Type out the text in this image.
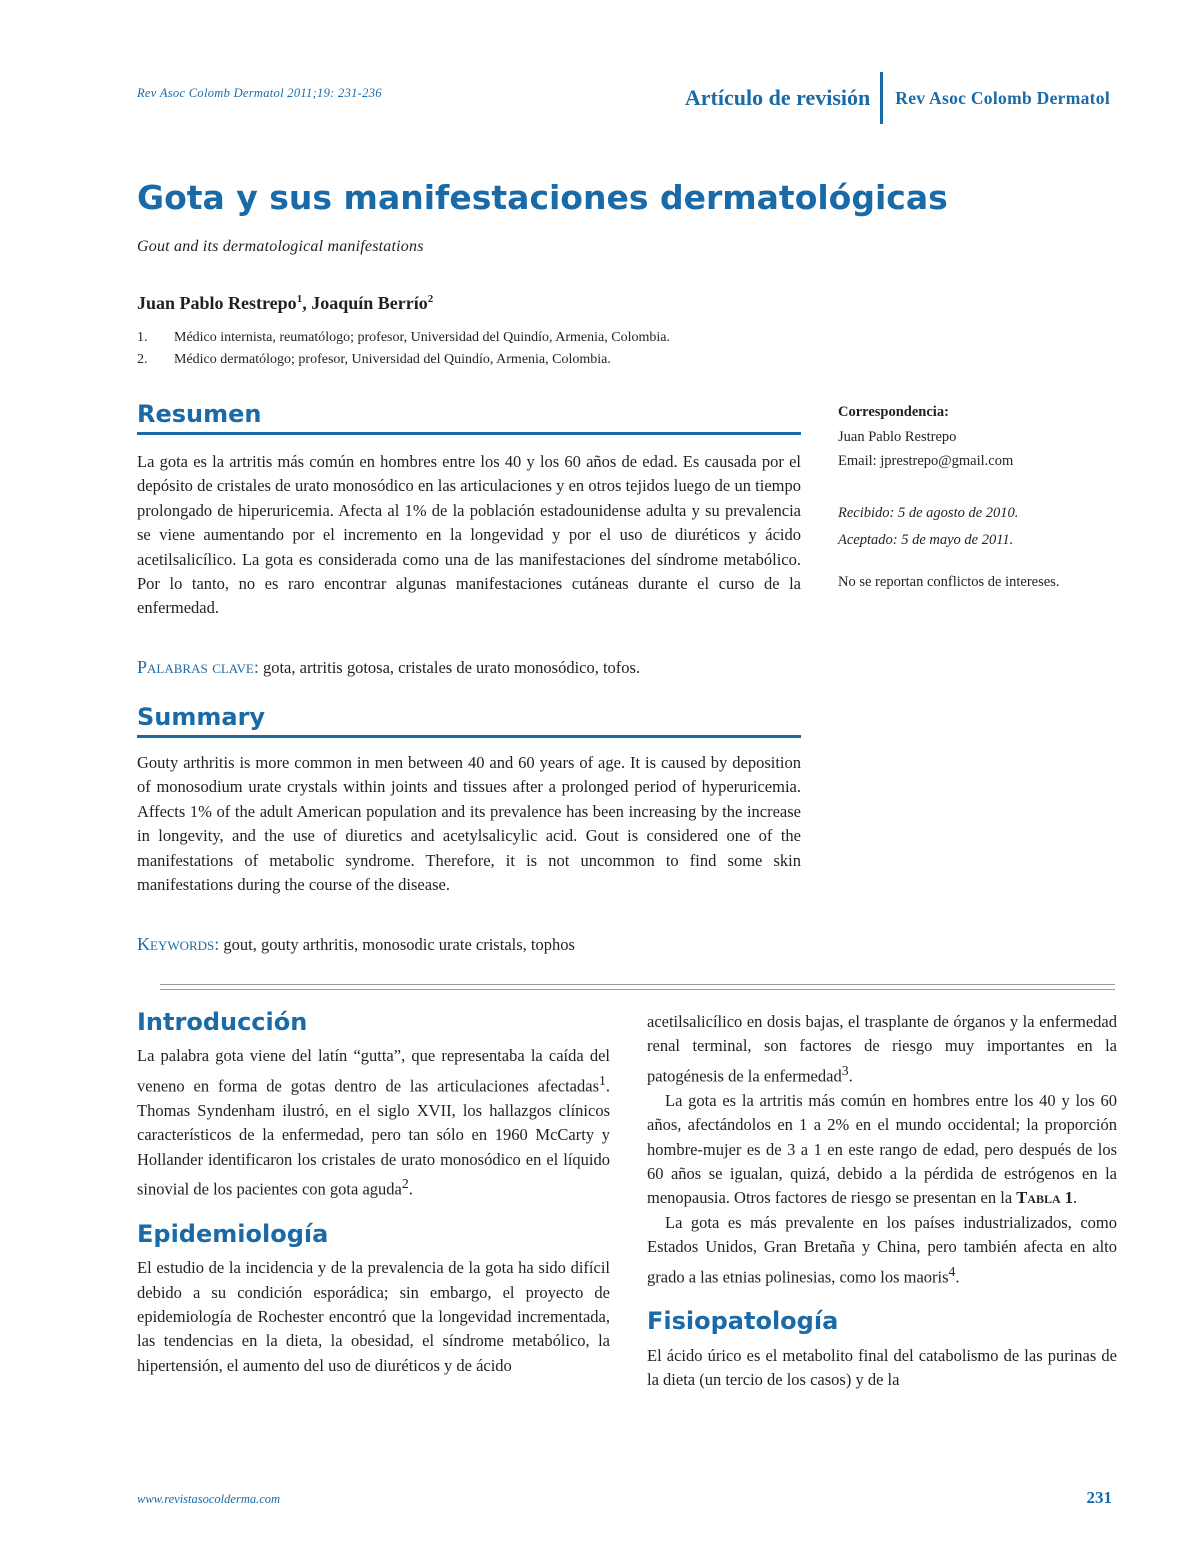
Rev Asoc Colomb Dermatol 2011;19: 231-236	Artículo de revisión	Rev Asoc Colomb Dermatol
Gota y sus manifestaciones dermatológicas
Gout and its dermatological manifestations
Juan Pablo Restrepo$^1$, Joaquín Berrío$^2$
1.	Médico internista, reumatólogo; profesor, Universidad del Quindío, Armenia, Colombia.
2.	Médico dermatólogo; profesor, Universidad del Quindío, Armenia, Colombia.
Resumen
La gota es la artritis más común en hombres entre los 40 y los 60 años de edad. Es causada por el depósito de cristales de urato monosódico en las articulaciones y en otros tejidos luego de un tiempo prolongado de hiperuricemia. Afecta al 1% de la población estadounidense adulta y su prevalencia se viene aumentando por el incremento en la longevidad y por el uso de diuréticos y ácido acetilsalicílico. La gota es considerada como una de las manifestaciones del síndrome metabólico. Por lo tanto, no es raro encontrar algunas manifestaciones cutáneas durante el curso de la enfermedad.
Palabras clave: gota, artritis gotosa, cristales de urato monosódico, tofos.
Summary
Gouty arthritis is more common in men between 40 and 60 years of age. It is caused by deposition of monosodium urate crystals within joints and tissues after a prolonged period of hyperuricemia. Affects 1% of the adult American population and its prevalence has been increasing by the increase in longevity, and the use of diuretics and acetylsalicylic acid. Gout is considered one of the manifestations of metabolic syndrome. Therefore, it is not uncommon to find some skin manifestations during the course of the disease.
Keywords: gout, gouty arthritis, monosodic urate cristals, tophos
Correspondencia:
Juan Pablo Restrepo
Email: jprestrepo@gmail.com
Recibido: 5 de agosto de 2010.
Aceptado: 5 de mayo de 2011.
No se reportan conflictos de intereses.
Introducción

La palabra gota viene del latín “gutta”, que representaba la caída del veneno en forma de gotas dentro de las articulaciones afectadas$^1$. Thomas Syndenham ilustró, en el siglo XVII, los hallazgos clínicos característicos de la enfermedad, pero tan sólo en 1960 McCarty y Hollander identificaron los cristales de urato monosódico en el líquido sinovial de los pacientes con gota aguda$^2$.

Epidemiología

El estudio de la incidencia y de la prevalencia de la gota ha sido difícil debido a su condición esporádica; sin embargo, el proyecto de epidemiología de Rochester encontró que la longevidad incrementada, las tendencias en la dieta, la obesidad, el síndrome metabólico, la hipertensión, el aumento del uso de diuréticos y de ácido

acetilsalicílico en dosis bajas, el trasplante de órganos y la enfermedad renal terminal, son factores de riesgo muy importantes en la patogénesis de la enfermedad$^3$.

La gota es la artritis más común en hombres entre los 40 y los 60 años, afectándolos en 1 a 2% en el mundo occidental; la proporción hombre-mujer es de 3 a 1 en este rango de edad, pero después de los 60 años se igualan, quizá, debido a la pérdida de estrógenos en la menopausia. Otros factores de riesgo se presentan en la Tabla 1.

La gota es más prevalente en los países industrializados, como Estados Unidos, Gran Bretaña y China, pero también afecta en alto grado a las etnias polinesias, como los maoris$^4$.

Fisiopatología

El ácido úrico es el metabolito final del catabolismo de las purinas de la dieta (un tercio de los casos) y de la

www.revistasocolderma.com	231
